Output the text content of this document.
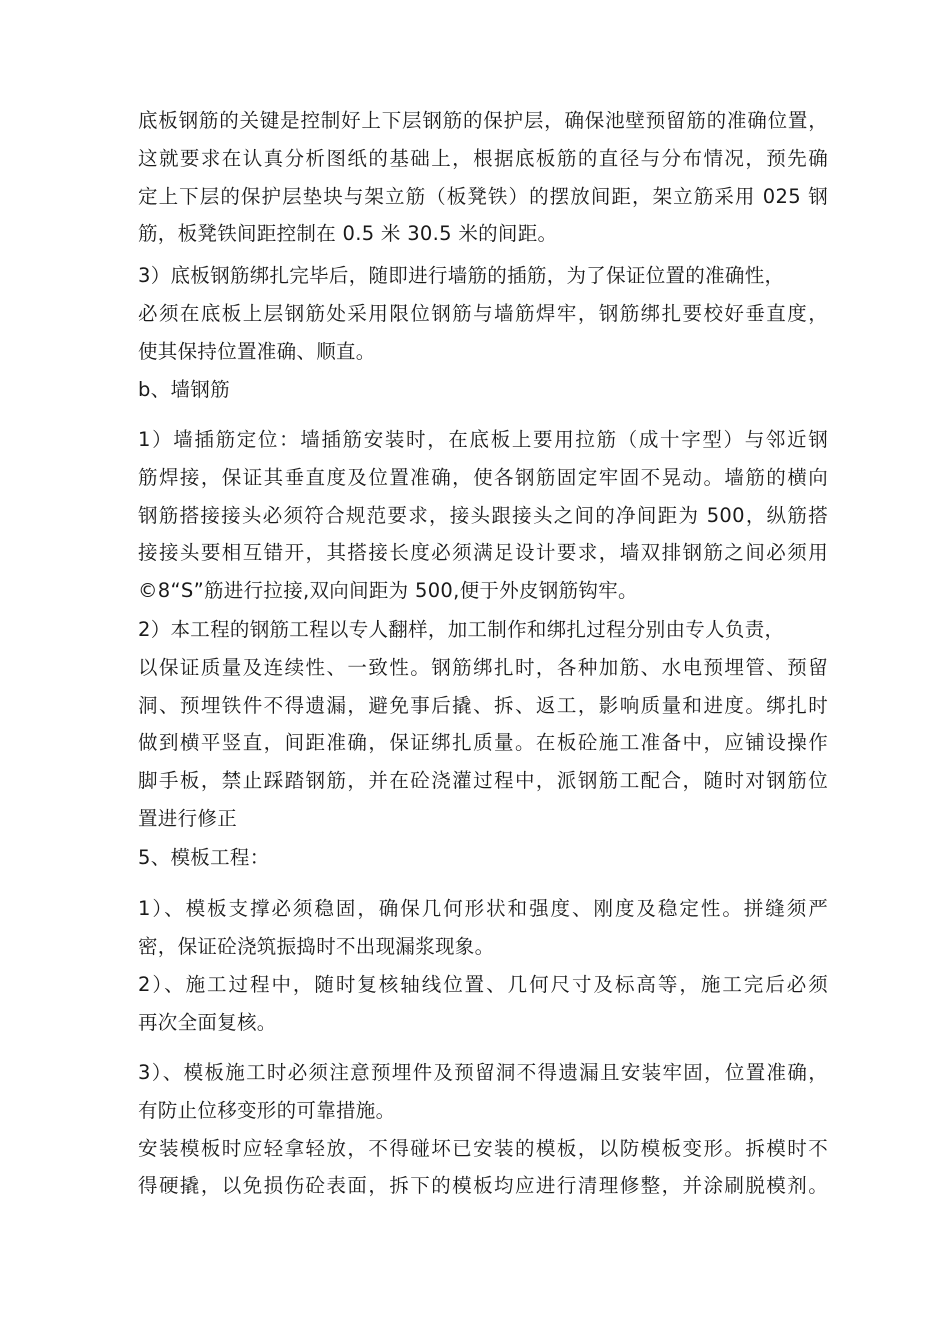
底板钢筋的关键是控制好上下层钢筋的保护层，确保池壁预留筋的准确位置，
这就要求在认真分析图纸的基础上，根据底板筋的直径与分布情况，预先确
定上下层的保护层垫块与架立筋（板凳铁）的摆放间距，架立筋采用 025 钢
筋，板凳铁间距控制在 0.5 米 30.5 米的间距。
3）底板钢筋绑扎完毕后，随即进行墙筋的插筋，为了保证位置的准确性，
必须在底板上层钢筋处采用限位钢筋与墙筋焊牢，钢筋绑扎要校好垂直度，
使其保持位置准确、顺直。
b、墙钢筋
1）墙插筋定位：墙插筋安装时，在底板上要用拉筋（成十字型）与邻近钢
筋焊接，保证其垂直度及位置准确，使各钢筋固定牢固不晃动。墙筋的横向
钢筋搭接接头必须符合规范要求，接头跟接头之间的净间距为 500，纵筋搭
接接头要相互错开，其搭接长度必须满足设计要求，墙双排钢筋之间必须用
©8“S”筋进行拉接,双向间距为 500,便于外皮钢筋钩牢。
2）本工程的钢筋工程以专人翻样，加工制作和绑扎过程分别由专人负责，
以保证质量及连续性、一致性。钢筋绑扎时，各种加筋、水电预埋管、预留
洞、预埋铁件不得遗漏，避免事后撬、拆、返工，影响质量和进度。绑扎时
做到横平竖直，间距准确，保证绑扎质量。在板砼施工准备中，应铺设操作
脚手板，禁止踩踏钢筋，并在砼浇灌过程中，派钢筋工配合，随时对钢筋位
置进行修正
5、模板工程：
1）、模板支撑必须稳固，确保几何形状和强度、刚度及稳定性。拼缝须严
密，保证砼浇筑振捣时不出现漏浆现象。
2）、施工过程中，随时复核轴线位置、几何尺寸及标高等，施工完后必须
再次全面复核。
3）、模板施工时必须注意预埋件及预留洞不得遗漏且安装牢固，位置准确，
有防止位移变形的可靠措施。
安装模板时应轻拿轻放，不得碰坏已安装的模板，以防模板变形。拆模时不
得硬撬，以免损伤砼表面，拆下的模板均应进行清理修整，并涂刷脱模剂。
